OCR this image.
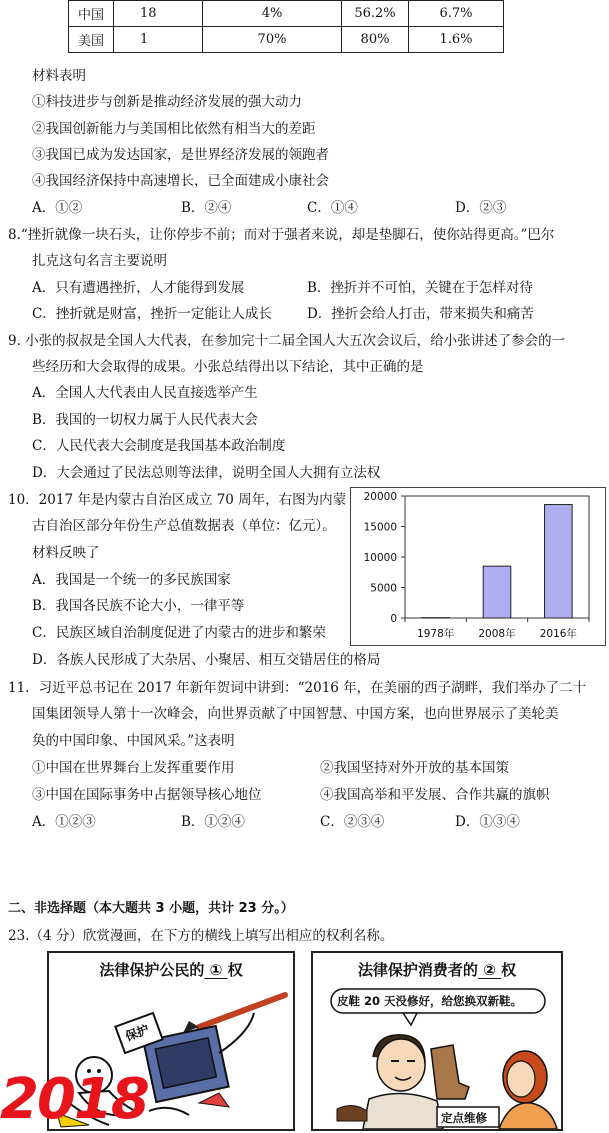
中国	18	4%	56.2%	6.7%
美国	1	70%	80%	1.6%
材料表明
①科技进步与创新是推动经济发展的强大动力
②我国创新能力与美国相比依然有相当大的差距
③我国已成为发达国家，是世界经济发展的领跑者
④我国经济保持中高速增长，已全面建成小康社会
A．①②	B．②④	C．①④	D．②③
8.“挫折就像一块石头，让你停步不前；而对于强者来说，却是垫脚石，使你站得更高。”巴尔
扎克这句名言主要说明
A．只有遭遇挫折，人才能得到发展	B．挫折并不可怕，关键在于怎样对待
C．挫折就是财富，挫折一定能让人成长	D．挫折会给人打击，带来损失和痛苦
9. 小张的叔叔是全国人大代表，在参加完十二届全国人大五次会议后，给小张讲述了参会的一
些经历和大会取得的成果。小张总结得出以下结论，其中正确的是
A．全国人大代表由人民直接选举产生
B．我国的一切权力属于人民代表大会
C．人民代表大会制度是我国基本政治制度
D．大会通过了民法总则等法律，说明全国人大拥有立法权
10．2017 年是内蒙古自治区成立 70 周年，右图为内蒙
古自治区部分年份生产总值数据表（单位：亿元）。
材料反映了
A．我国是一个统一的多民族国家
B．我国各民族不论大小，一律平等
C．民族区域自治制度促进了内蒙古的进步和繁荣
D．各族人民形成了大杂居、小聚居、相互交错居住的格局
0
5000
10000
15000
20000
1978年 2008年 2016年
11．习近平总书记在 2017 年新年贺词中讲到：“2016 年，在美丽的西子湖畔，我们举办了二十
国集团领导人第十一次峰会，向世界贡献了中国智慧、中国方案，也向世界展示了美轮美
奂的中国印象、中国风采。”这表明
①中国在世界舞台上发挥重要作用	②我国坚持对外开放的基本国策
③中国在国际事务中占据领导核心地位	④我国高举和平发展、合作共赢的旗帜
A．①②③	B．①②④	C．②③④	D．①③④
二、非选择题（本大题共 3 小题，共计 23 分。）
23.（4 分）欣赏漫画，在下方的横线上填写出相应的权利名称。
法律保护公民的 ① 权
保护
法律保护消费者的 ② 权
皮鞋 20 天没修好，给您换双新鞋。
定点维修
2018
